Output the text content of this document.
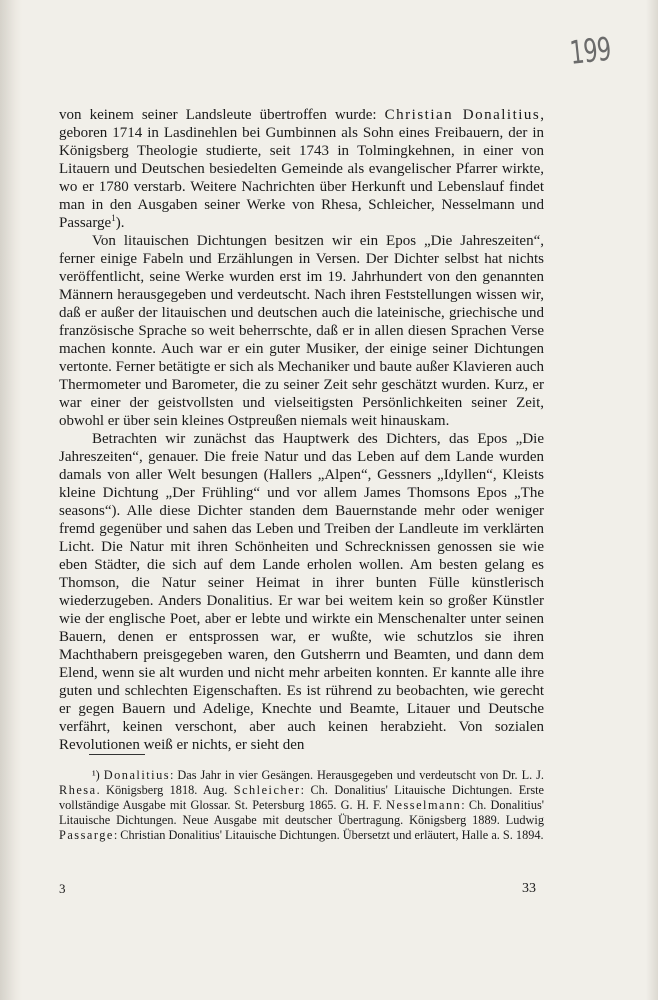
199

von keinem seiner Landsleute übertroffen wurde: Christian Donalitius, geboren 1714 in Lasdinehlen bei Gumbinnen als Sohn eines Freibauern, der in Königsberg Theologie studierte, seit 1743 in Tolmingkehnen, in einer von Litauern und Deutschen besiedelten Gemeinde als evangelischer Pfarrer wirkte, wo er 1780 verstarb. Weitere Nachrichten über Herkunft und Lebenslauf findet man in den Ausgaben seiner Werke von Rhesa, Schleicher, Nesselmann und Passarge$^1$).

Von litauischen Dichtungen besitzen wir ein Epos „Die Jahreszeiten“, ferner einige Fabeln und Erzählungen in Versen. Der Dichter selbst hat nichts veröffentlicht, seine Werke wurden erst im 19. Jahrhundert von den genannten Männern herausgegeben und verdeutscht. Nach ihren Feststellungen wissen wir, daß er außer der litauischen und deutschen auch die lateinische, griechische und französische Sprache so weit beherrschte, daß er in allen diesen Sprachen Verse machen konnte. Auch war er ein guter Musiker, der einige seiner Dichtungen vertonte. Ferner betätigte er sich als Mechaniker und baute außer Klavieren auch Thermometer und Barometer, die zu seiner Zeit sehr geschätzt wurden. Kurz, er war einer der geistvollsten und vielseitigsten Persönlichkeiten seiner Zeit, obwohl er über sein kleines Ostpreußen niemals weit hinauskam.

Betrachten wir zunächst das Hauptwerk des Dichters, das Epos „Die Jahreszeiten“, genauer. Die freie Natur und das Leben auf dem Lande wurden damals von aller Welt besungen (Hallers „Alpen“, Gessners „Idyllen“, Kleists kleine Dichtung „Der Frühling“ und vor allem James Thomsons Epos „The seasons“). Alle diese Dichter standen dem Bauernstande mehr oder weniger fremd gegenüber und sahen das Leben und Treiben der Landleute im verklärten Licht. Die Natur mit ihren Schönheiten und Schrecknissen genossen sie wie eben Städter, die sich auf dem Lande erholen wollen. Am besten gelang es Thomson, die Natur seiner Heimat in ihrer bunten Fülle künstlerisch wiederzugeben. Anders Donalitius. Er war bei weitem kein so großer Künstler wie der englische Poet, aber er lebte und wirkte ein Menschenalter unter seinen Bauern, denen er entsprossen war, er wußte, wie schutzlos sie ihren Machthabern preisgegeben waren, den Gutsherrn und Beamten, und dann dem Elend, wenn sie alt wurden und nicht mehr arbeiten konnten. Er kannte alle ihre guten und schlechten Eigenschaften. Es ist rührend zu beobachten, wie gerecht er gegen Bauern und Adelige, Knechte und Beamte, Litauer und Deutsche verfährt, keinen verschont, aber auch keinen herabzieht. Von sozialen Revolutionen weiß er nichts, er sieht den

¹) Donalitius: Das Jahr in vier Gesängen. Herausgegeben und verdeutscht von Dr. L. J. Rhesa. Königsberg 1818. Aug. Schleicher: Ch. Donalitius' Litauische Dichtungen. Erste vollständige Ausgabe mit Glossar. St. Petersburg 1865. G. H. F. Nesselmann: Ch. Donalitius' Litauische Dichtungen. Neue Ausgabe mit deutscher Übertragung. Königsberg 1889. Ludwig Passarge: Christian Donalitius' Litauische Dichtungen. Übersetzt und erläutert, Halle a. S. 1894.

3	33
